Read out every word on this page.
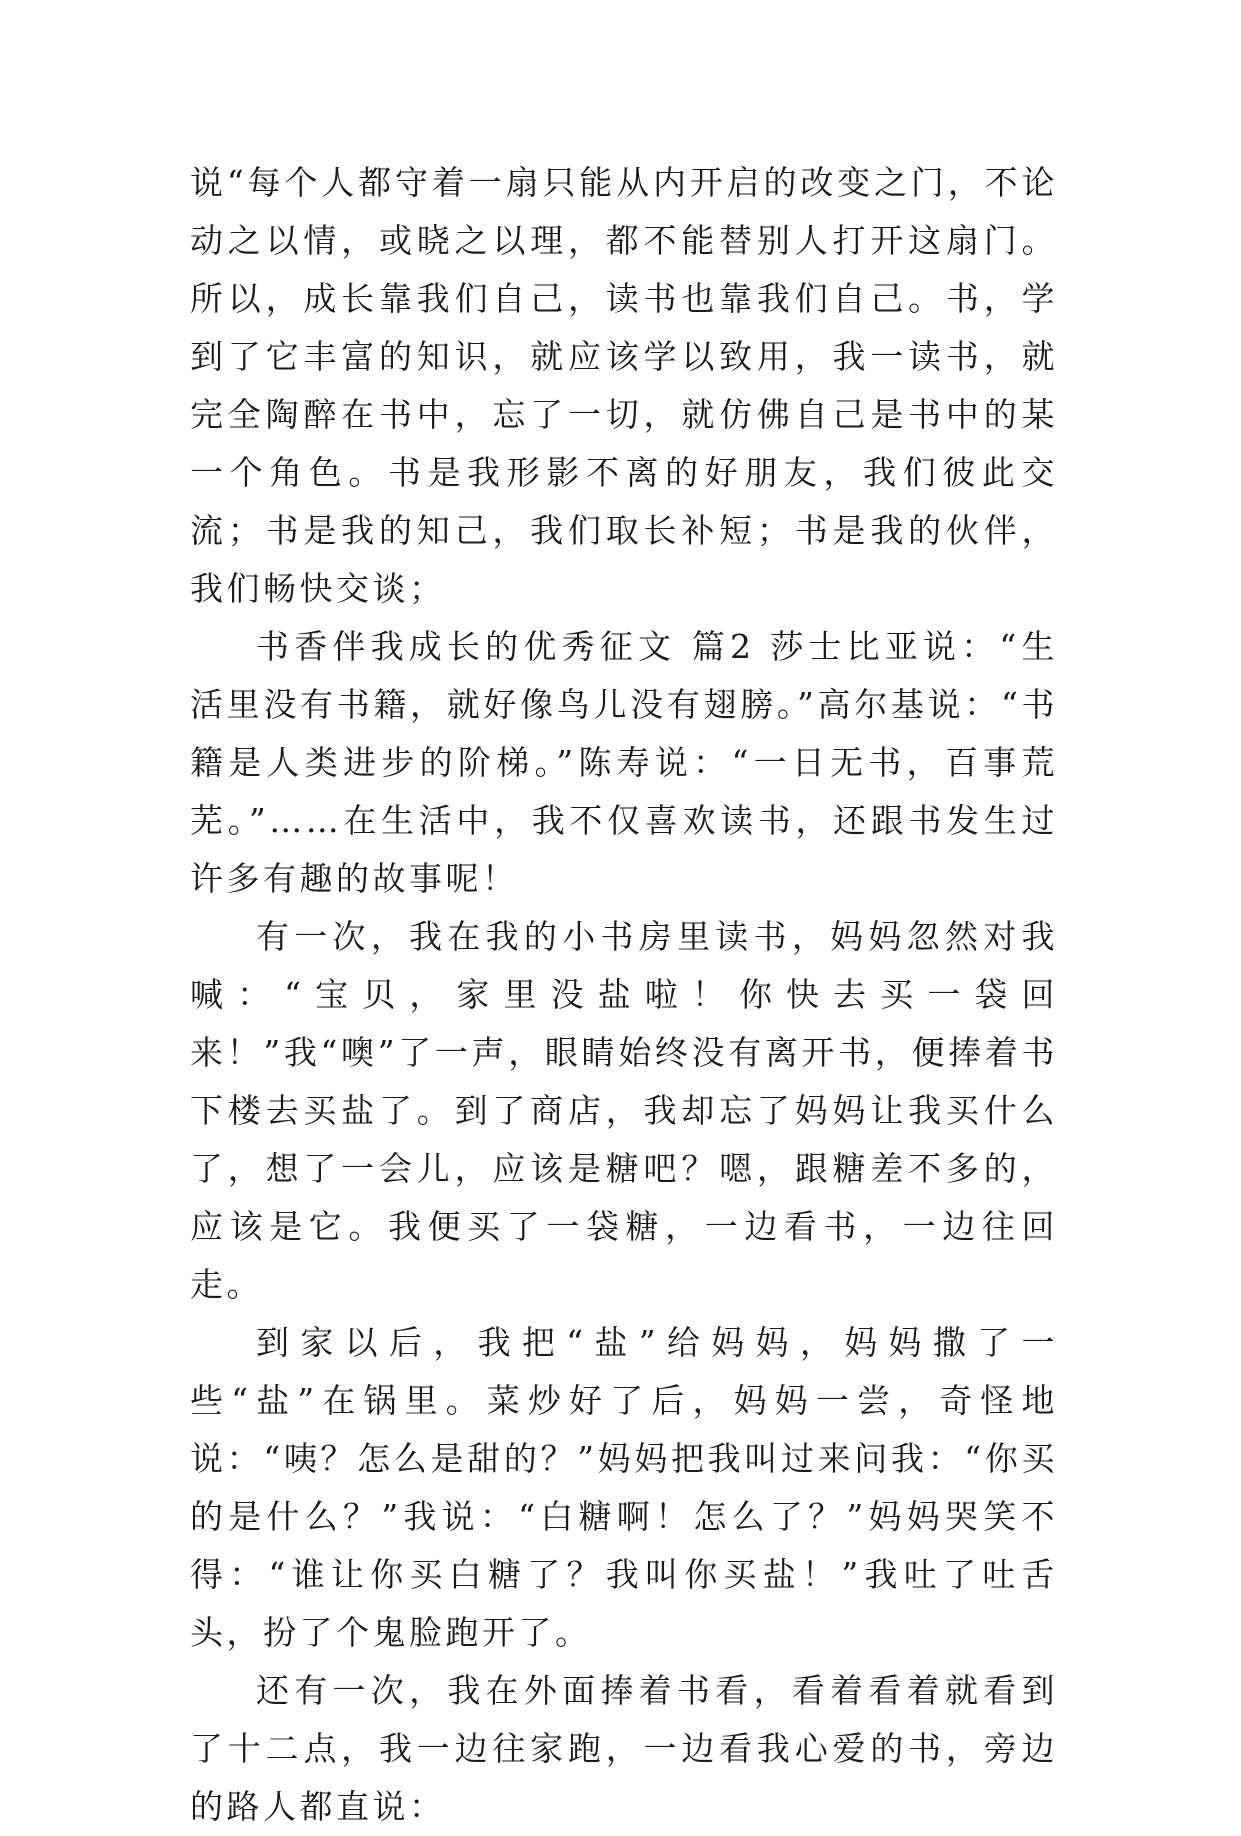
说“每个人都守着一扇只能从内开启的改变之门，不论动之以情，或晓之以理，都不能替别人打开这扇门。所以，成长靠我们自己，读书也靠我们自己。书，学到了它丰富的知识，就应该学以致用，我一读书，就完全陶醉在书中，忘了一切，就仿佛自己是书中的某一个角色。书是我形影不离的好朋友，我们彼此交流；书是我的知己，我们取长补短；书是我的伙伴，我们畅快交谈；

书香伴我成长的优秀征文 篇2 莎士比亚说：“生活里没有书籍，就好像鸟儿没有翅膀。”高尔基说：“书籍是人类进步的阶梯。”陈寿说：“一日无书，百事荒芜。”……在生活中，我不仅喜欢读书，还跟书发生过许多有趣的故事呢！

有一次，我在我的小书房里读书，妈妈忽然对我喊：“宝贝，家里没盐啦！你快去买一袋回来！”我“噢”了一声，眼睛始终没有离开书，便捧着书下楼去买盐了。到了商店，我却忘了妈妈让我买什么了，想了一会儿，应该是糖吧？嗯，跟糖差不多的，应该是它。我便买了一袋糖，一边看书，一边往回走。

到家以后，我把“盐”给妈妈，妈妈撒了一些“盐”在锅里。菜炒好了后，妈妈一尝，奇怪地说：“咦？怎么是甜的？”妈妈把我叫过来问我：“你买的是什么？”我说：“白糖啊！怎么了？”妈妈哭笑不得：“谁让你买白糖了？我叫你买盐！”我吐了吐舌头，扮了个鬼脸跑开了。

还有一次，我在外面捧着书看，看着看着就看到了十二点，我一边往家跑，一边看我心爱的书，旁边的路人都直说：
